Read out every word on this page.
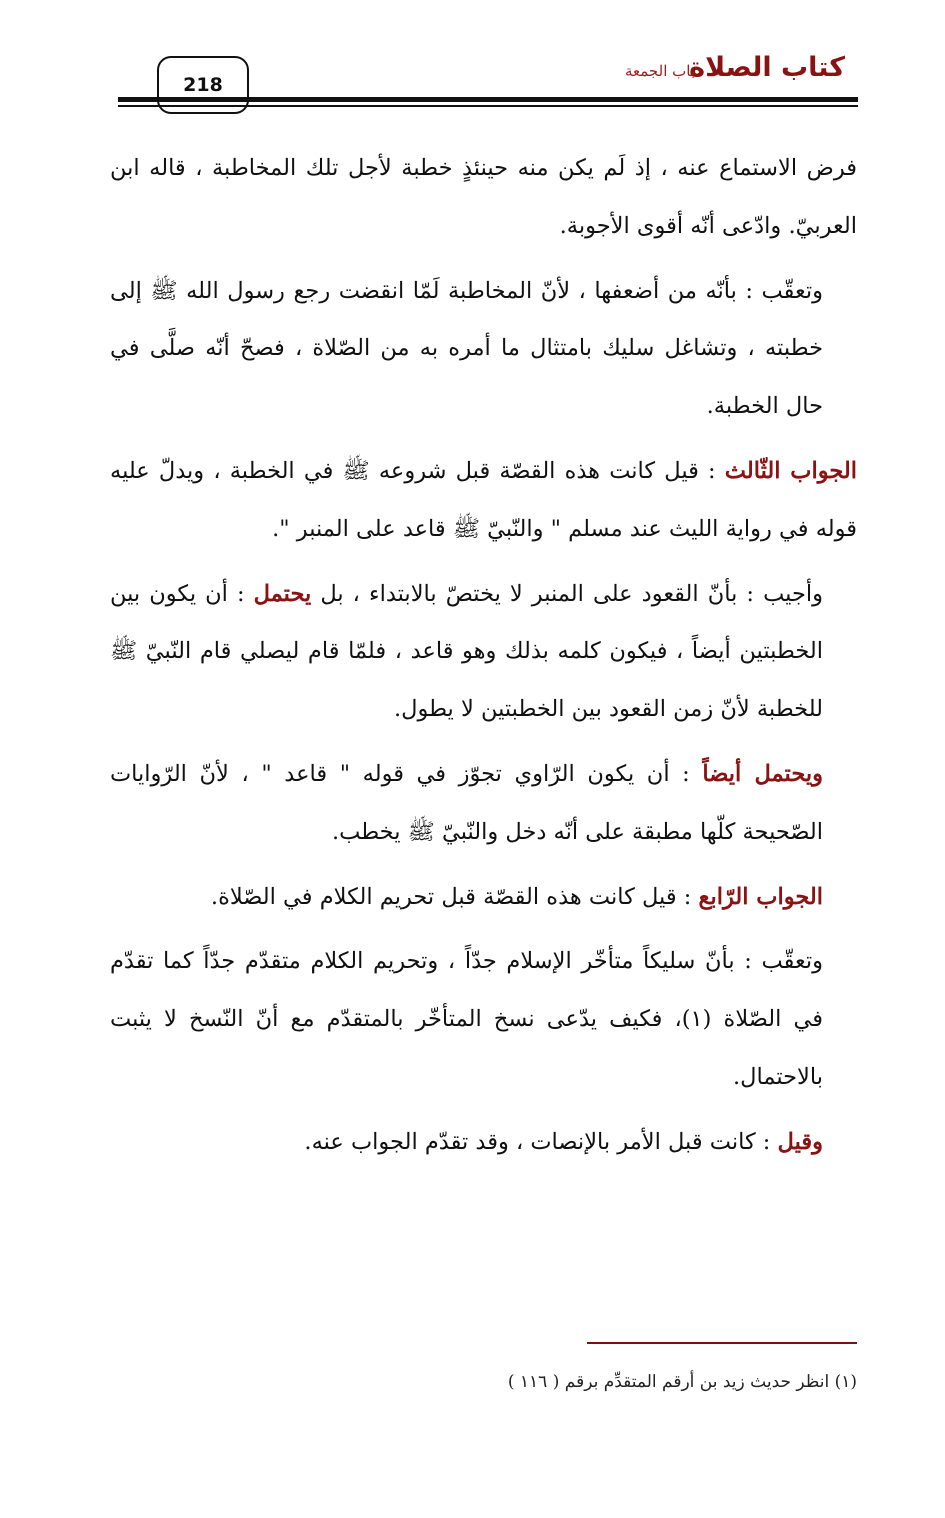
218
كتاب الصلاة
باب الجمعة

فرض الاستماع عنه ، إذ لَم يكن منه حينئذٍ خطبة لأجل تلك المخاطبة ، قاله ابن العربيّ. وادّعى أنّه أقوى الأجوبة.

وتعقّب : بأنّه من أضعفها ، لأنّ المخاطبة لَمّا انقضت رجع رسول الله ﷺ إلى خطبته ، وتشاغل سليك بامتثال ما أمره به من الصّلاة ، فصحّ أنّه صلَّى في حال الخطبة.

الجواب الثّالث : قيل كانت هذه القصّة قبل شروعه ﷺ في الخطبة ، ويدلّ عليه قوله في رواية الليث عند مسلم " والنّبيّ ﷺ قاعد على المنبر ".

وأجيب : بأنّ القعود على المنبر لا يختصّ بالابتداء ، بل يحتمل : أن يكون بين الخطبتين أيضاً ، فيكون كلمه بذلك وهو قاعد ، فلمّا قام ليصلي قام النّبيّ ﷺ للخطبة لأنّ زمن القعود بين الخطبتين لا يطول.

ويحتمل أيضاً : أن يكون الرّاوي تجوّز في قوله " قاعد " ، لأنّ الرّوايات الصّحيحة كلّها مطبقة على أنّه دخل والنّبيّ ﷺ يخطب.

الجواب الرّابع : قيل كانت هذه القصّة قبل تحريم الكلام في الصّلاة.

وتعقّب : بأنّ سليكاً متأخّر الإسلام جدّاً ، وتحريم الكلام متقدّم جدّاً كما تقدّم في الصّلاة (١)، فكيف يدّعى نسخ المتأخّر بالمتقدّم مع أنّ النّسخ لا يثبت بالاحتمال.

وقيل : كانت قبل الأمر بالإنصات ، وقد تقدّم الجواب عنه.

(١) انظر حديث زيد بن أرقم المتقدِّم برقم ( ١١٦ )
